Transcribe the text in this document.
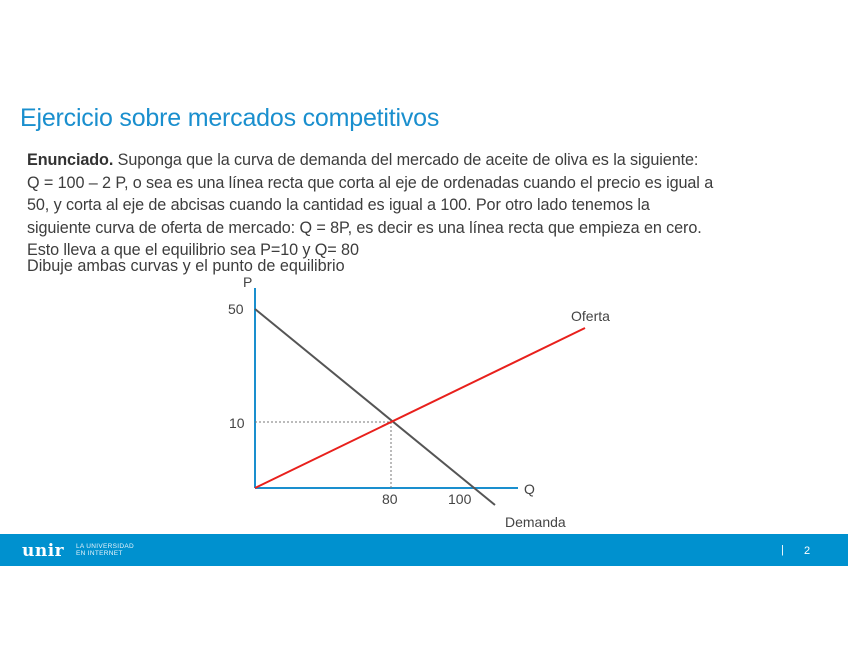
Ejercicio sobre mercados competitivos
Enunciado. Suponga que la curva de demanda del mercado de aceite de oliva es la siguiente:
Q = 100 – 2 P, o sea es una línea recta que corta al eje de ordenadas cuando el precio es igual a
50, y corta al eje de abcisas cuando la cantidad es igual a 100. Por otro lado tenemos la
siguiente curva de oferta de mercado: Q = 8P, es decir es una línea recta que empieza en cero.
Esto lleva a que el equilibrio sea P=10 y Q= 80
Dibuje ambas curvas y el punto de equilibrio
P
Q
50
10
80	100
Oferta
Demanda
unir LA UNIVERSIDAD
EN INTERNET	| 2
